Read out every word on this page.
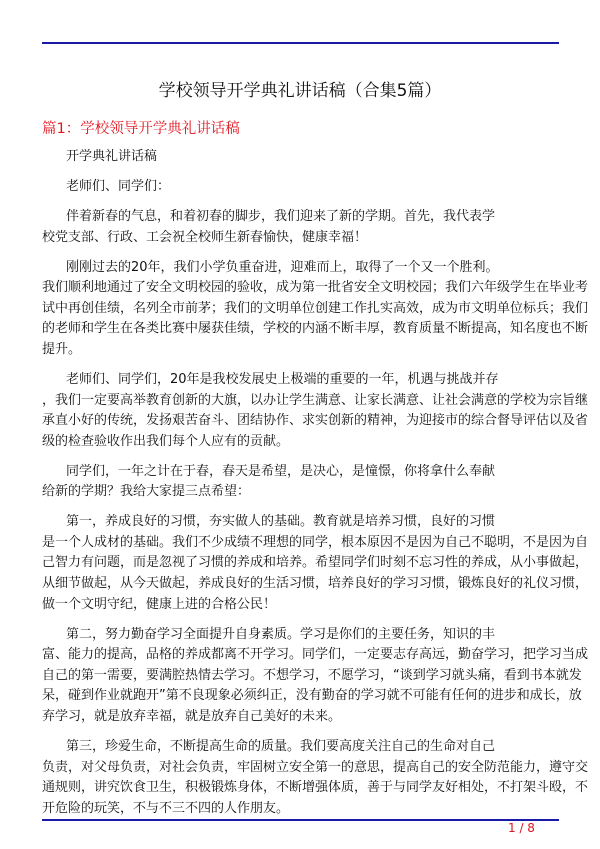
学校领导开学典礼讲话稿（合集5篇）
篇1：学校领导开学典礼讲话稿

开学典礼讲话稿

老师们、同学们：

伴着新春的气息，和着初春的脚步，我们迎来了新的学期。首先，我代表学
校党支部、行政、工会祝全校师生新春愉快，健康幸福！

刚刚过去的20年，我们小学负重奋进，迎难而上，取得了一个又一个胜利。
我们顺利地通过了安全文明校园的验收，成为第一批省安全文明校园；我们六年级学生在毕业考
试中再创佳绩，名列全市前茅；我们的文明单位创建工作扎实高效，成为市文明单位标兵；我们
的老师和学生在各类比赛中屡获佳绩，学校的内涵不断丰厚，教育质量不断提高，知名度也不断
提升。

老师们、同学们，20年是我校发展史上极端的重要的一年，机遇与挑战并存
，我们一定要高举教育创新的大旗，以办让学生满意、让家长满意、让社会满意的学校为宗旨继
承直小好的传统，发扬艰苦奋斗、团结协作、求实创新的精神，为迎接市的综合督导评估以及省
级的检查验收作出我们每个人应有的贡献。

同学们，一年之计在于春，春天是希望，是决心，是憧憬，你将拿什么奉献
给新的学期？我给大家提三点希望：

第一，养成良好的习惯，夯实做人的基础。教育就是培养习惯，良好的习惯
是一个人成材的基础。我们不少成绩不理想的同学，根本原因不是因为自己不聪明，不是因为自
己智力有问题，而是忽视了习惯的养成和培养。希望同学们时刻不忘习性的养成，从小事做起，
从细节做起，从今天做起，养成良好的生活习惯，培养良好的学习习惯，锻炼良好的礼仪习惯，
做一个文明守纪，健康上进的合格公民！

第二，努力勤奋学习全面提升自身素质。学习是你们的主要任务，知识的丰
富、能力的提高，品格的养成都离不开学习。同学们，一定要志存高远，勤奋学习，把学习当成
自己的第一需要，要满腔热情去学习。不想学习，不愿学习，“谈到学习就头痛，看到书本就发
呆，碰到作业就跑开”第不良现象必须纠正，没有勤奋的学习就不可能有任何的进步和成长，放
弃学习，就是放弃幸福，就是放弃自己美好的未来。

第三，珍爱生命，不断提高生命的质量。我们要高度关注自己的生命对自己
负责，对父母负责，对社会负责，牢固树立安全第一的意思，提高自己的安全防范能力，遵守交
通规则，讲究饮食卫生，积极锻炼身体，不断增强体质，善于与同学友好相处，不打架斗殴，不
开危险的玩笑，不与不三不四的人作朋友。

1 / 8
